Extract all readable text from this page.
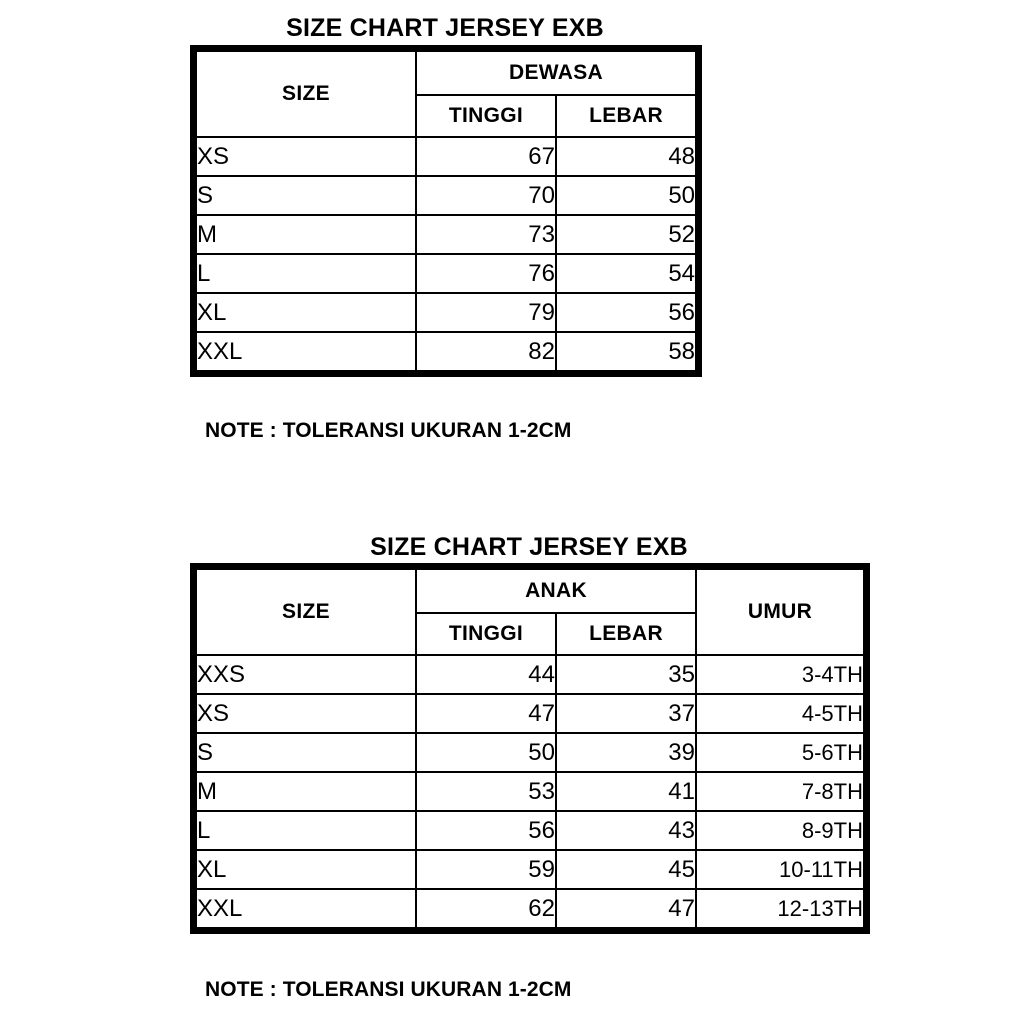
SIZE CHART JERSEY EXB
SIZE	DEWASA	
	TINGGI	LEBAR
XS	67	48
S	70	50
M	73	52
L	76	54
XL	79	56
XXL	82	58
NOTE : TOLERANSI UKURAN 1-2CM
SIZE CHART JERSEY EXB
SIZE	ANAK		UMUR
	TINGGI	LEBAR	
XXS	44	35	3-4TH
XS	47	37	4-5TH
S	50	39	5-6TH
M	53	41	7-8TH
L	56	43	8-9TH
XL	59	45	10-11TH
XXL	62	47	12-13TH
NOTE : TOLERANSI UKURAN 1-2CM
